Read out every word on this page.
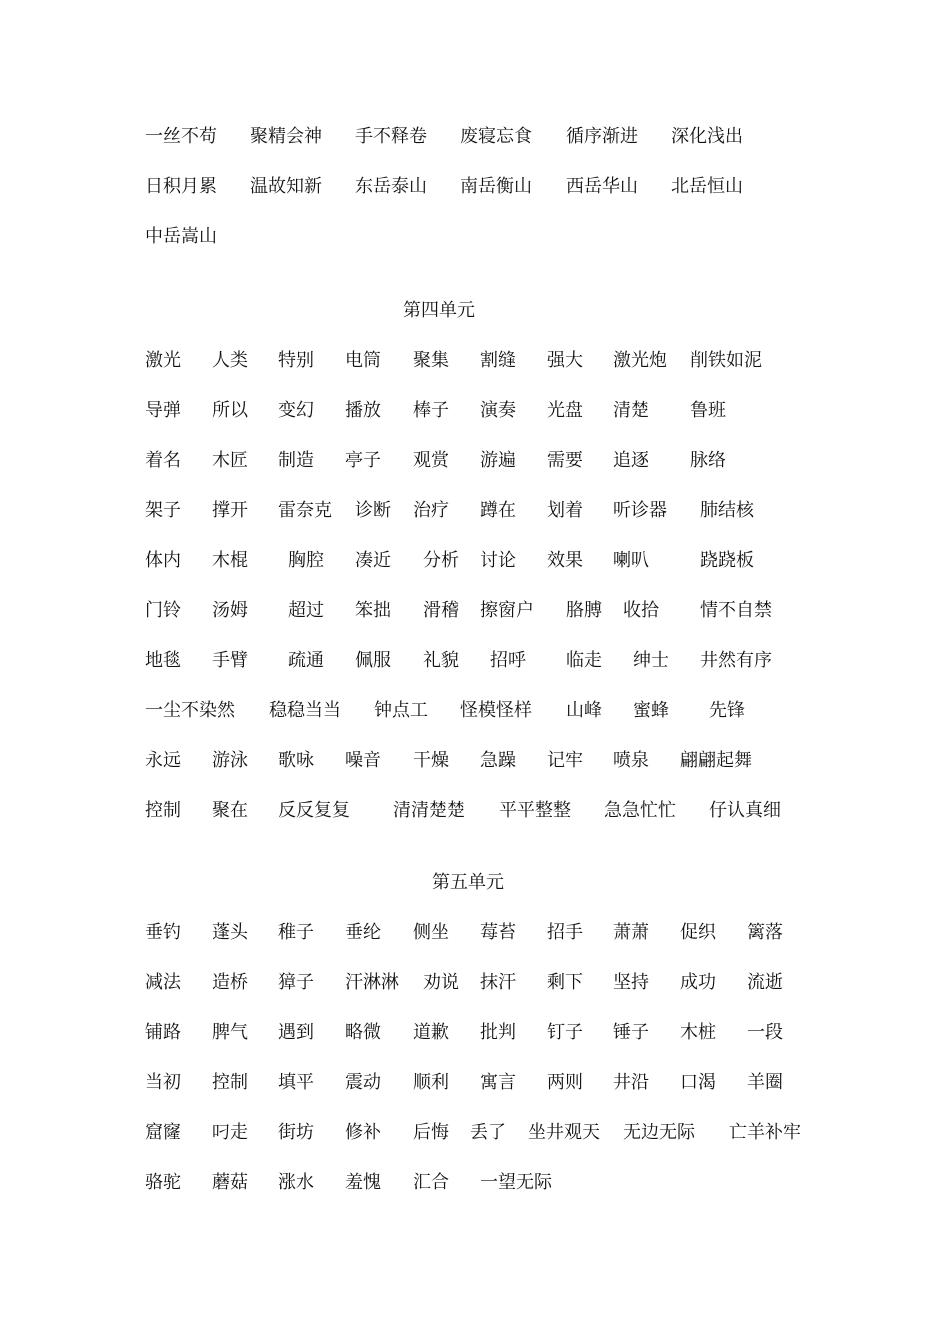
一丝不苟 聚精会神 手不释卷 废寝忘食 循序渐进 深化浅出
日积月累 温故知新 东岳泰山 南岳衡山 西岳华山 北岳恒山
中岳嵩山
第四单元
激光 人类 特别 电筒 聚集 割缝 强大 激光炮 削铁如泥
导弹 所以 变幻 播放 棒子 演奏 光盘 清楚 鲁班
着名 木匠 制造 亭子 观赏 游遍 需要 追逐 脉络
架子 撑开 雷奈克 诊断 治疗 蹲在 划着 听诊器 肺结核
体内 木棍 胸腔 凑近 分析 讨论 效果 喇叭	跷跷板
门铃 汤姆 超过 笨拙 滑稽 擦窗户 胳膊 收拾 情不自禁
地毯 手臂 疏通 佩服 礼貌 招呼 临走 绅士 井然有序
一尘不染然 稳稳当当 钟点工 怪模怪样 山峰 蜜蜂 先锋
永远 游泳 歌咏 噪音 干燥 急躁 记牢 喷泉 翩翩起舞
控制 聚在 反反复复 清清楚楚 平平整整 急急忙忙 仔认真细
第五单元
垂钓 蓬头 稚子 垂纶 侧坐 莓苔 招手 萧萧 促织 篱落
减法 造桥 獐子 汗淋淋 劝说 抹汗 剩下 坚持 成功 流逝
铺路 脾气 遇到 略微 道歉 批判 钉子 锤子 木桩 一段
当初 控制 填平 震动 顺利 寓言 两则 井沿 口渴 羊圈
窟窿 叼走 街坊 修补 后悔 丢了 坐井观天 无边无际 亡羊补牢
骆驼 蘑菇 涨水 羞愧 汇合 一望无际
